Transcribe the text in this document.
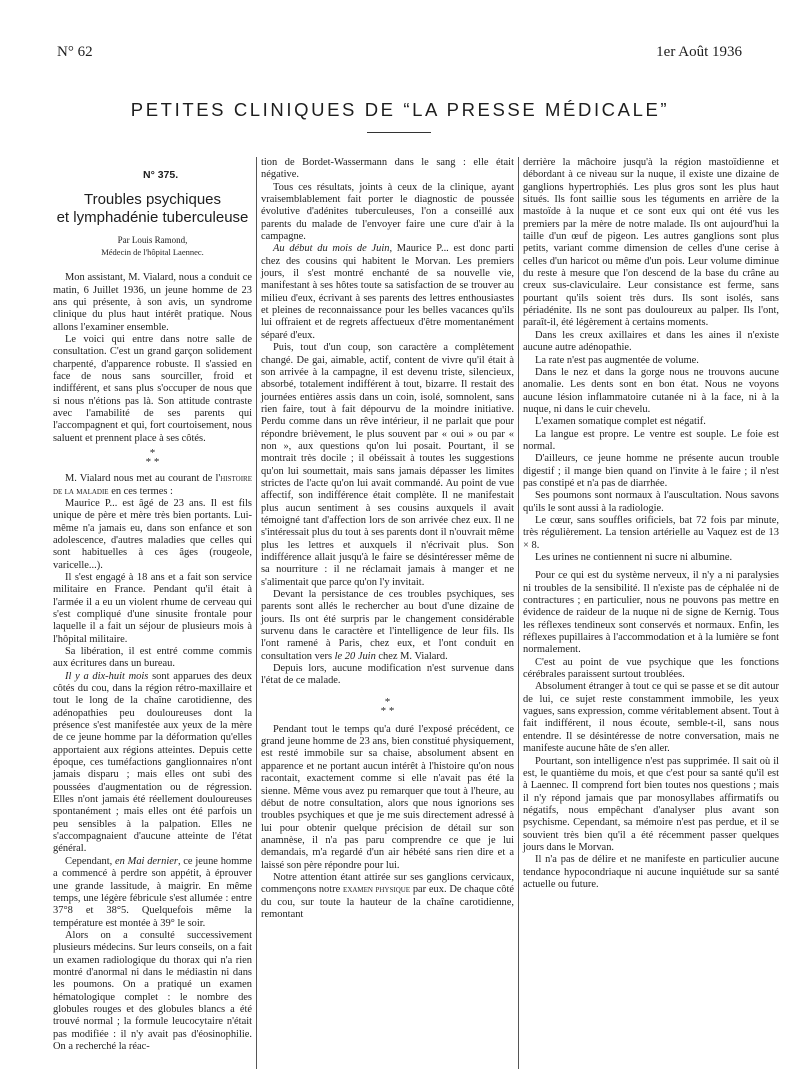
N° 62	1er Août 1936
PETITES CLINIQUES DE “LA PRESSE MÉDICALE”
N° 375.
Troubles psychiques
et lymphadénie tuberculeuse
Par Louis Ramond,
Médecin de l'hôpital Laennec.

Mon assistant, M. Vialard, nous a conduit ce matin, 6 Juillet 1936, un jeune homme de 23 ans qui présente, à son avis, un syndrome clinique du plus haut intérêt pratique. Nous allons l'examiner ensemble.

Le voici qui entre dans notre salle de consultation. C'est un grand garçon solidement charpenté, d'apparence robuste. Il s'assied en face de nous sans sourciller, froid et indifférent, et sans plus s'occuper de nous que si nous n'étions pas là. Son attitude contraste avec l'amabilité de ses parents qui l'accompagnent et qui, fort courtoisement, nous saluent et prennent place à ses côtés.

*
* *

M. Vialard nous met au courant de l'histoire de la maladie en ces termes :

Maurice P... est âgé de 23 ans. Il est fils unique de père et mère très bien portants. Lui-même n'a jamais eu, dans son enfance et son adolescence, d'autres maladies que celles qui sont habituelles à ces âges (rougeole, varicelle...).

Il s'est engagé à 18 ans et a fait son service militaire en France. Pendant qu'il était à l'armée il a eu un violent rhume de cerveau qui s'est compliqué d'une sinusite frontale pour laquelle il a fait un séjour de plusieurs mois à l'hôpital militaire.

Sa libération, il est entré comme commis aux écritures dans un bureau.

Il y a dix-huit mois sont apparues des deux côtés du cou, dans la région rétro-maxillaire et tout le long de la chaîne carotidienne, des adénopathies peu douloureuses dont la présence s'est manifestée aux yeux de la mère de ce jeune homme par la déformation qu'elles apportaient aux régions atteintes. Depuis cette époque, ces tuméfactions ganglionnaires n'ont jamais disparu ; mais elles ont subi des poussées d'augmentation ou de régression. Elles n'ont jamais été réellement douloureuses spontanément ; mais elles ont été parfois un peu sensibles à la palpation. Elles ne s'accompagnaient d'aucune atteinte de l'état général.

Cependant, en Mai dernier, ce jeune homme a commencé à perdre son appétit, à éprouver une grande lassitude, à maigrir. En même temps, une légère fébricule s'est allumée : entre 37°8 et 38°5. Quelquefois même la température est montée à 39° le soir.

Alors on a consulté successivement plusieurs médecins. Sur leurs conseils, on a fait un examen radiologique du thorax qui n'a rien montré d'anormal ni dans le médiastin ni dans les poumons. On a pratiqué un examen hématologique complet : le nombre des globules rouges et des globules blancs a été trouvé normal ; la formule leucocytaire n'était pas modifiée : il n'y avait pas d'éosinophilie. On a recherché la réac-

tion de Bordet-Wassermann dans le sang : elle était négative.

Tous ces résultats, joints à ceux de la clinique, ayant vraisemblablement fait porter le diagnostic de poussée évolutive d'adénites tuberculeuses, l'on a conseillé aux parents du malade de l'envoyer faire une cure d'air à la campagne.

Au début du mois de Juin, Maurice P... est donc parti chez des cousins qui habitent le Morvan. Les premiers jours, il s'est montré enchanté de sa nouvelle vie, manifestant à ses hôtes toute sa satisfaction de se trouver au milieu d'eux, écrivant à ses parents des lettres enthousiastes et pleines de reconnaissance pour les belles vacances qu'ils lui offraient et de regrets affectueux d'être momentanément séparé d'eux.

Puis, tout d'un coup, son caractère a complètement changé. De gai, aimable, actif, content de vivre qu'il était à son arrivée à la campagne, il est devenu triste, silencieux, absorbé, totalement indifférent à tout, bizarre. Il restait des journées entières assis dans un coin, isolé, somnolent, sans rien faire, tout à fait dépourvu de la moindre initiative. Perdu comme dans un rêve intérieur, il ne parlait que pour répondre brièvement, le plus souvent par « oui » ou par « non », aux questions qu'on lui posait. Pourtant, il se montrait très docile ; il obéissait à toutes les suggestions qu'on lui soumettait, mais sans jamais dépasser les limites strictes de l'acte qu'on lui avait commandé. Au point de vue affectif, son indifférence était complète. Il ne manifestait plus aucun sentiment à ses cousins auxquels il avait témoigné tant d'affection lors de son arrivée chez eux. Il ne s'intéressait plus du tout à ses parents dont il n'ouvrait même plus les lettres et auxquels il n'écrivait plus. Son indifférence allait jusqu'à le faire se désintéresser même de sa nourriture : il ne réclamait jamais à manger et ne s'alimentait que parce qu'on l'y invitait.

Devant la persistance de ces troubles psychiques, ses parents sont allés le rechercher au bout d'une dizaine de jours. Ils ont été surpris par le changement considérable survenu dans le caractère et l'intelligence de leur fils. Ils l'ont ramené à Paris, chez eux, et l'ont conduit en consultation vers le 20 Juin chez M. Vialard.

Depuis lors, aucune modification n'est survenue dans l'état de ce malade.

*
* *

Pendant tout le temps qu'a duré l'exposé précédent, ce grand jeune homme de 23 ans, bien constitué physiquement, est resté immobile sur sa chaise, absolument absent en apparence et ne portant aucun intérêt à l'histoire qu'on nous racontait, exactement comme si elle n'avait pas été la sienne. Même vous avez pu remarquer que tout à l'heure, au début de notre consultation, alors que nous ignorions ses troubles psychiques et que je me suis directement adressé à lui pour obtenir quelque précision de détail sur son anamnèse, il n'a pas paru comprendre ce que je lui demandais, m'a regardé d'un air hébété sans rien dire et a laissé son père répondre pour lui.

Notre attention étant attirée sur ses ganglions cervicaux, commençons notre examen physique par eux. De chaque côté du cou, sur toute la hauteur de la chaîne carotidienne, remontant

derrière la mâchoire jusqu'à la région mastoïdienne et débordant à ce niveau sur la nuque, il existe une dizaine de ganglions hypertrophiés. Les plus gros sont les plus haut situés. Ils font saillie sous les téguments en arrière de la mastoïde à la nuque et ce sont eux qui ont été vus les premiers par la mère de notre malade. Ils ont aujourd'hui la taille d'un œuf de pigeon. Les autres ganglions sont plus petits, variant comme dimension de celles d'une cerise à celles d'un haricot ou même d'un pois. Leur volume diminue du reste à mesure que l'on descend de la base du crâne au creux sus-claviculaire. Leur consistance est ferme, sans pourtant qu'ils soient très durs. Ils sont isolés, sans périadénite. Ils ne sont pas douloureux au palper. Ils l'ont, paraît-il, été légèrement à certains moments.

Dans les creux axillaires et dans les aines il n'existe aucune autre adénopathie.

La rate n'est pas augmentée de volume.

Dans le nez et dans la gorge nous ne trouvons aucune anomalie. Les dents sont en bon état. Nous ne voyons aucune lésion inflammatoire cutanée ni à la face, ni à la nuque, ni dans le cuir chevelu.

L'examen somatique complet est négatif.

La langue est propre. Le ventre est souple. Le foie est normal.

D'ailleurs, ce jeune homme ne présente aucun trouble digestif ; il mange bien quand on l'invite à le faire ; il n'est pas constipé et n'a pas de diarrhée.

Ses poumons sont normaux à l'auscultation. Nous savons qu'ils le sont aussi à la radiologie.

Le cœur, sans souffles orificiels, bat 72 fois par minute, très régulièrement. La tension artérielle au Vaquez est de 13 × 8.

Les urines ne contiennent ni sucre ni albumine.

Pour ce qui est du système nerveux, il n'y a ni paralysies ni troubles de la sensibilité. Il n'existe pas de céphalée ni de contractures ; en particulier, nous ne pouvons pas mettre en évidence de raideur de la nuque ni de signe de Kernig. Tous les réflexes tendineux sont conservés et normaux. Enfin, les réflexes pupillaires à l'accommodation et à la lumière se font normalement.

C'est au point de vue psychique que les fonctions cérébrales paraissent surtout troublées.

Absolument étranger à tout ce qui se passe et se dit autour de lui, ce sujet reste constamment immobile, les yeux vagues, sans expression, comme véritablement absent. Tout à fait indifférent, il nous écoute, semble-t-il, sans nous entendre. Il se désintéresse de notre conversation, mais ne manifeste aucune hâte de s'en aller.

Pourtant, son intelligence n'est pas supprimée. Il sait où il est, le quantième du mois, et que c'est pour sa santé qu'il est à Laennec. Il comprend fort bien toutes nos questions ; mais il n'y répond jamais que par monosyllabes affirmatifs ou négatifs, nous empêchant d'analyser plus avant son psychisme. Cependant, sa mémoire n'est pas perdue, et il se souvient très bien qu'il a été récemment passer quelques jours dans le Morvan.

Il n'a pas de délire et ne manifeste en particulier aucune tendance hypocondriaque ni aucune inquiétude sur sa santé actuelle ou future.
